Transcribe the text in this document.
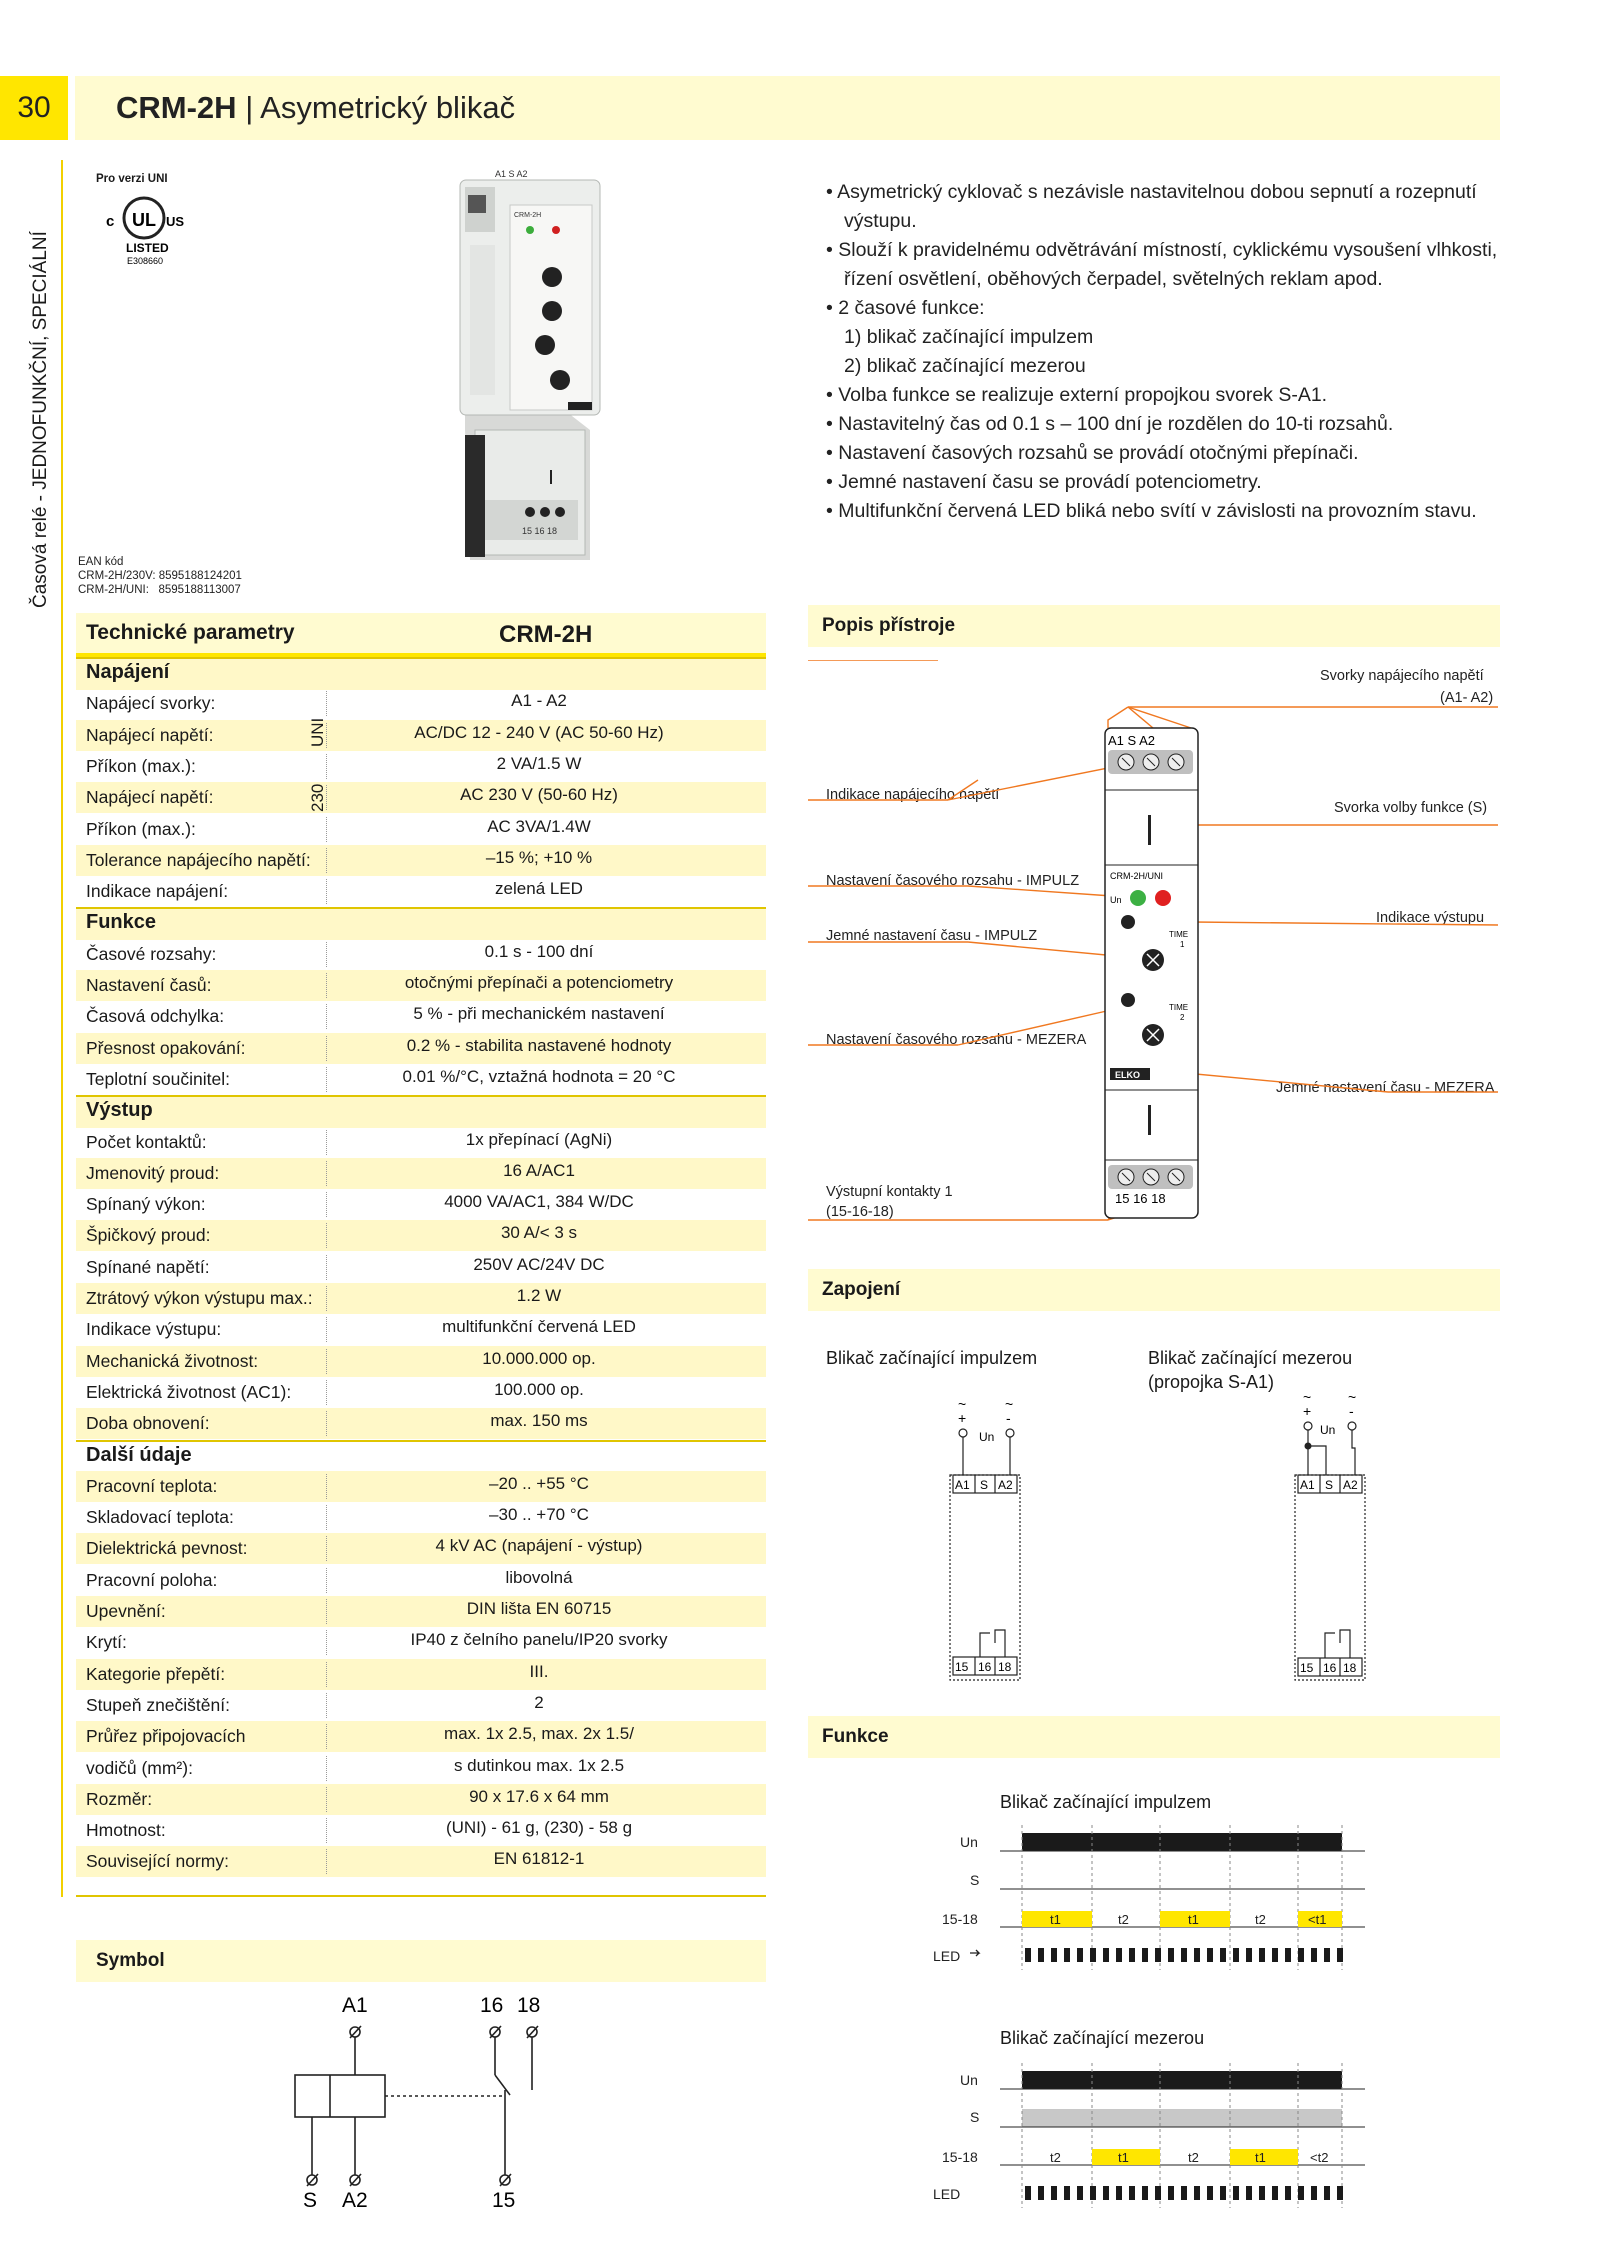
30	CRM-2H | Asymetrický blikač
Časová relé - JEDNOFUNKČNÍ, SPECIÁLNÍ
Pro verzi UNI
c UL US
LISTED
E308660
CRM-2H
A1 S A2
15 16 18
EAN kód
CRM-2H/230V: 8595188124201
CRM-2H/UNI:   8595188113007
• Asymetrický cyklovač s nezávisle nastavitelnou dobou sepnutí a rozepnutí výstupu.
• Slouží k pravidelnému odvětrávání místností, cyklickému vysoušení vlhkosti, řízení osvětlení, oběhových čerpadel, světelných reklam apod.
• 2 časové funkce:
1) blikač začínající impulzem
2) blikač začínající mezerou
• Volba funkce se realizuje externí propojkou svorek S-A1.
• Nastavitelný čas od 0.1 s – 100 dní je rozdělen do 10-ti rozsahů.
• Nastavení časových rozsahů se provádí otočnými přepínači.
• Jemné nastavení času se provádí potenciometry.
• Multifunkční červená LED bliká nebo svítí v závislosti na provozním stavu.
Technické parametry	CRM-2H
Napájení
Napájecí svorky:	A1 - A2
Napájecí napětí:	AC/DC 12 - 240 V (AC 50-60 Hz)
Příkon (max.):	2 VA/1.5 W
Napájecí napětí:	AC 230 V (50-60 Hz)
Příkon (max.):	AC 3VA/1.4W
Tolerance napájecího napětí:	–15 %; +10 %
Indikace napájení:	zelená LED
Funkce
Časové rozsahy:	0.1 s - 100 dní
Nastavení časů:	otočnými přepínači a potenciometry
Časová odchylka:	5 % - při mechanickém nastavení
Přesnost opakování:	0.2 % - stabilita nastavené hodnoty
Teplotní součinitel:	0.01 %/°C, vztažná hodnota = 20 °C
Výstup
Počet kontaktů:	1x přepínací (AgNi)
Jmenovitý proud:	16 A/AC1
Spínaný výkon:	4000 VA/AC1, 384 W/DC
Špičkový proud:	30 A/< 3 s
Spínané napětí:	250V AC/24V DC
Ztrátový výkon výstupu max.:	1.2 W
Indikace výstupu:	multifunkční červená LED
Mechanická životnost:	10.000.000 op.
Elektrická životnost (AC1):	100.000 op.
Doba obnovení:	max. 150 ms
Další údaje
Pracovní teplota:	–20 .. +55 °C
Skladovací teplota:	–30 .. +70 °C
Dielektrická pevnost:	4 kV AC (napájení - výstup)
Pracovní poloha:	libovolná
Upevnění:	DIN lišta EN 60715
Krytí:	IP40 z čelního panelu/IP20 svorky
Kategorie přepětí:	III.
Stupeň znečištění:	2
Průřez připojovacích	max. 1x 2.5, max. 2x 1.5/
vodičů (mm²):	s dutinkou max. 1x 2.5
Rozměr:	90 x 17.6 x 64 mm
Hmotnost:	(UNI) - 61 g, (230) - 58 g
Související normy:	EN 61812-1
UNI
230
Symbol
A1	16 18
S A2	15
Popis přístroje
Svorky napájecího napětí
(A1- A2)
Indikace napájecího napětí
Svorka volby funkce (S)
Nastavení časového rozsahu - IMPULZ
Indikace výstupu
Jemné nastavení času - IMPULZ
Nastavení časového rozsahu - MEZERA
Jemné nastavení času - MEZERA
Výstupní kontakty 1
(15-16-18)
A1 S A2
CRM-2H/UNI
Un
TIME
1
TIME
2
ELKO
15 16 18
Zapojení
Blikač začínající impulzem	Blikač začínající mezerou
(propojka S-A1)
~
+
~
-
Un
A1 S A2
15 16 18
~
+
~
-
Un
A1 S A2
15 16 18
Funkce
Blikač začínající impulzem
Blikač začínající mezerou
Un
S
15-18
LED
t1	t2	t1	t2	<t1
Un
S
15-18
LED
t2	t1	t2	t1	<t2
